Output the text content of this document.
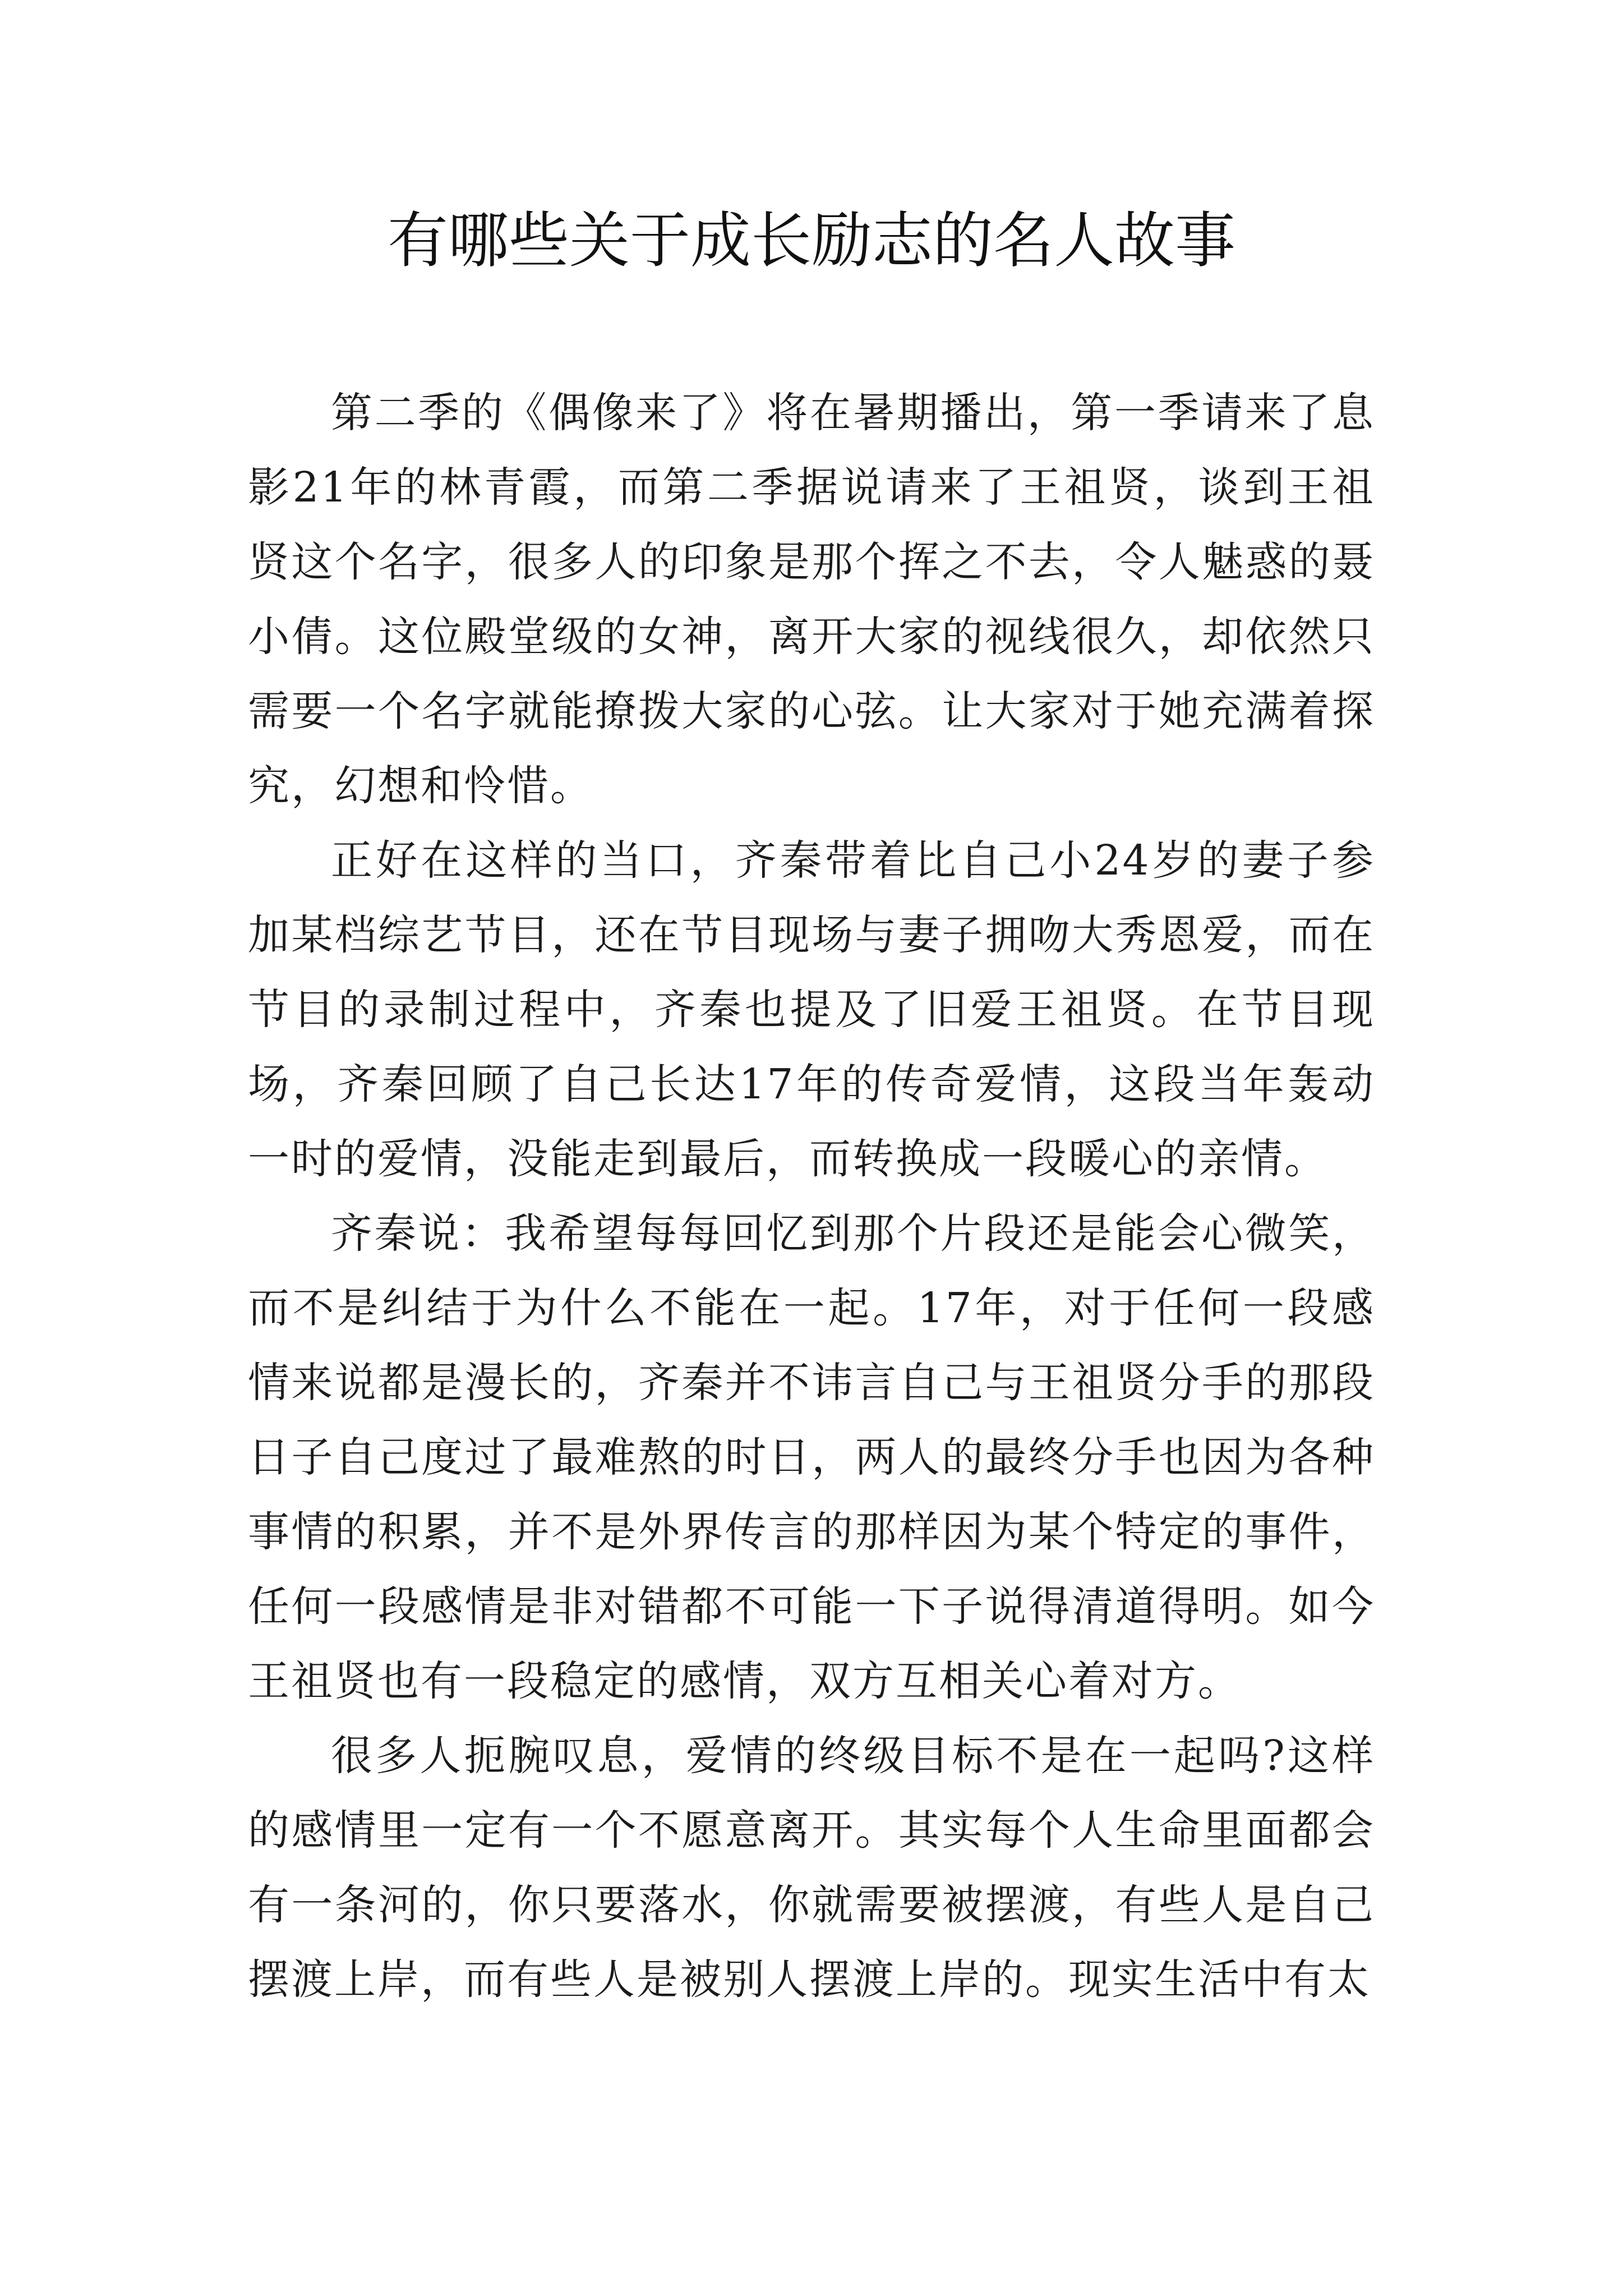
有哪些关于成长励志的名人故事

第二季的《偶像来了》将在暑期播出，第一季请来了息影21年的林青霞，而第二季据说请来了王祖贤，谈到王祖贤这个名字，很多人的印象是那个挥之不去，令人魅惑的聂小倩。这位殿堂级的女神，离开大家的视线很久，却依然只需要一个名字就能撩拨大家的心弦。让大家对于她充满着探究，幻想和怜惜。

正好在这样的当口，齐秦带着比自己小24岁的妻子参加某档综艺节目，还在节目现场与妻子拥吻大秀恩爱，而在节目的录制过程中，齐秦也提及了旧爱王祖贤。在节目现场，齐秦回顾了自己长达17年的传奇爱情，这段当年轰动一时的爱情，没能走到最后，而转换成一段暖心的亲情。

齐秦说：我希望每每回忆到那个片段还是能会心微笑，而不是纠结于为什么不能在一起。17年，对于任何一段感情来说都是漫长的，齐秦并不讳言自己与王祖贤分手的那段日子自己度过了最难熬的时日，两人的最终分手也因为各种事情的积累，并不是外界传言的那样因为某个特定的事件，任何一段感情是非对错都不可能一下子说得清道得明。如今王祖贤也有一段稳定的感情，双方互相关心着对方。

很多人扼腕叹息，爱情的终级目标不是在一起吗?这样的感情里一定有一个不愿意离开。其实每个人生命里面都会有一条河的，你只要落水，你就需要被摆渡，有些人是自己摆渡上岸，而有些人是被别人摆渡上岸的。现实生活中有太
